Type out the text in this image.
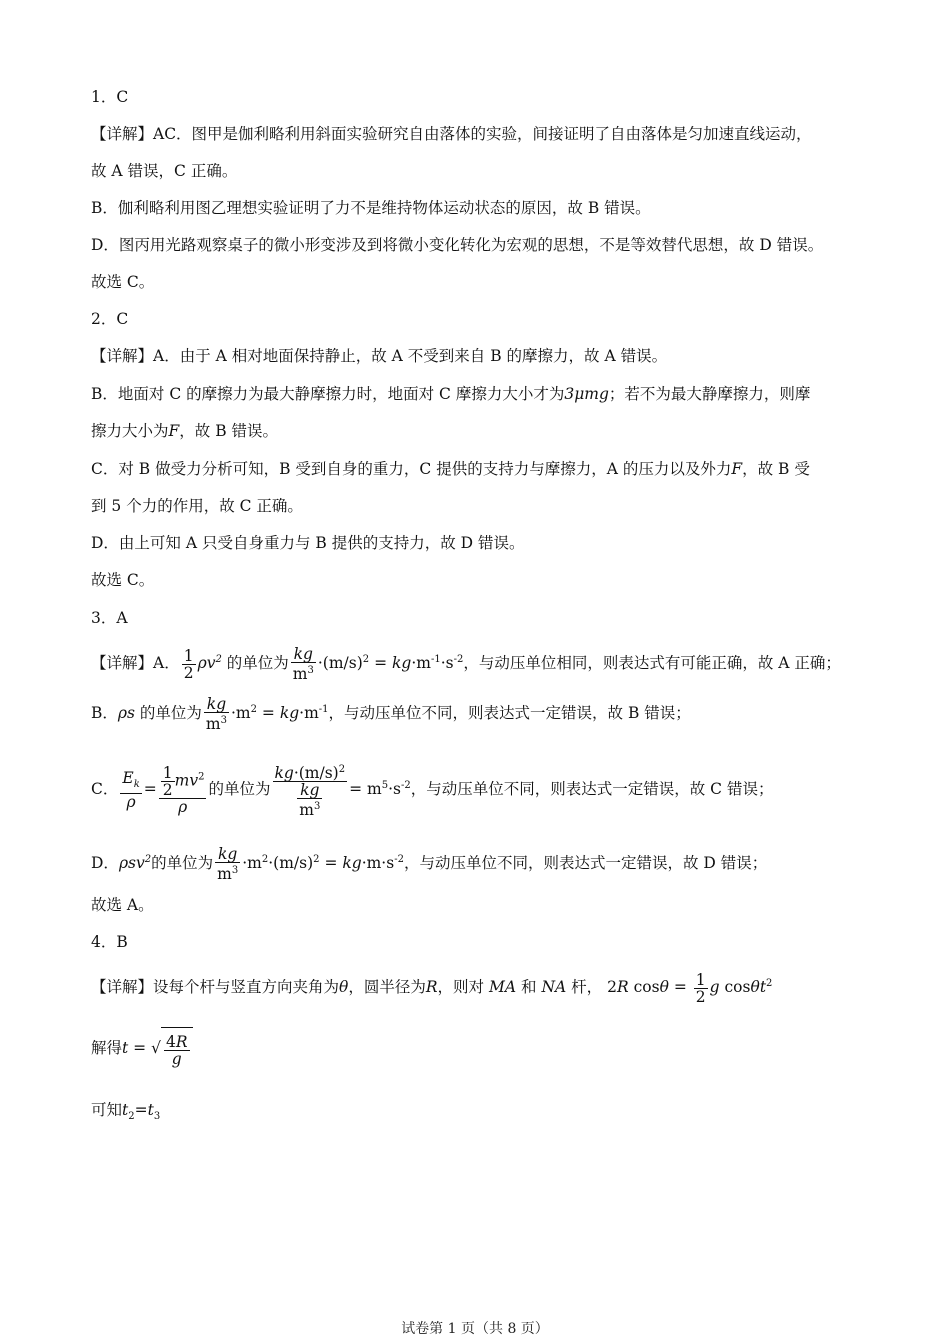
1．C
【详解】AC．图甲是伽利略利用斜面实验研究自由落体的实验，间接证明了自由落体是匀加速直线运动，
故 A 错误，C 正确。
B．伽利略利用图乙理想实验证明了力不是维持物体运动状态的原因，故 B 错误。
D．图丙用光路观察桌子的微小形变涉及到将微小变化转化为宏观的思想，不是等效替代思想，故 D 错误。
故选 C。
2．C
【详解】A．由于 A 相对地面保持静止，故 A 不受到来自 B 的摩擦力，故 A 错误。
B．地面对 C 的摩擦力为最大静摩擦力时，地面对 C 摩擦力大小才为3μmg；若不为最大静摩擦力，则摩
擦力大小为F，故 B 错误。
C．对 B 做受力分析可知，B 受到自身的重力，C 提供的支持力与摩擦力，A 的压力以及外力F，故 B 受
到 5 个力的作用，故 C 正确。
D．由上可知 A 只受自身重力与 B 提供的支持力，故 D 错误。
故选 C。
3．A
【详解】A． $\frac{1}{2} \rho v^2$ 的单位为 $\frac{kg}{m^3} \cdot(m/s)^2 = kg\cdot m^{-1}\cdot s^{-2}$，与动压单位相同，则表达式有可能正确，故 A 正确；
B．ρs 的单位为 $\frac{kg}{m^3} \cdot m^2 = kg\cdot m^{-1}$，与动压单位不同，则表达式一定错误，故 B 错误；
C． $\frac{E_k}{\rho} = \frac{\frac{1}{2} mv^2}{\rho}$ 的单位为 $\frac{kg\cdot(m/s)^2}{\frac{kg}{m^3}} = m^5\cdot s^{-2}$，与动压单位不同，则表达式一定错误，故 C 错误；
D．ρsv$^2$的单位为 $\frac{kg}{m^3} \cdot m^2\cdot(m/s)^2 = kg\cdot m\cdot s^{-2}$，与动压单位不同，则表达式一定错误，故 D 错误；
故选 A。
4．B
【详解】设每个杆与竖直方向夹角为θ，圆半径为R，则对 MA 和 NA 杆， 2R $\cos\theta = \frac{1}{2}$ g cosθt$^2$
解得t = √ $\frac{4R}{g}$
可知$t_2=t_3$
试卷第 1 页（共 8 页）
